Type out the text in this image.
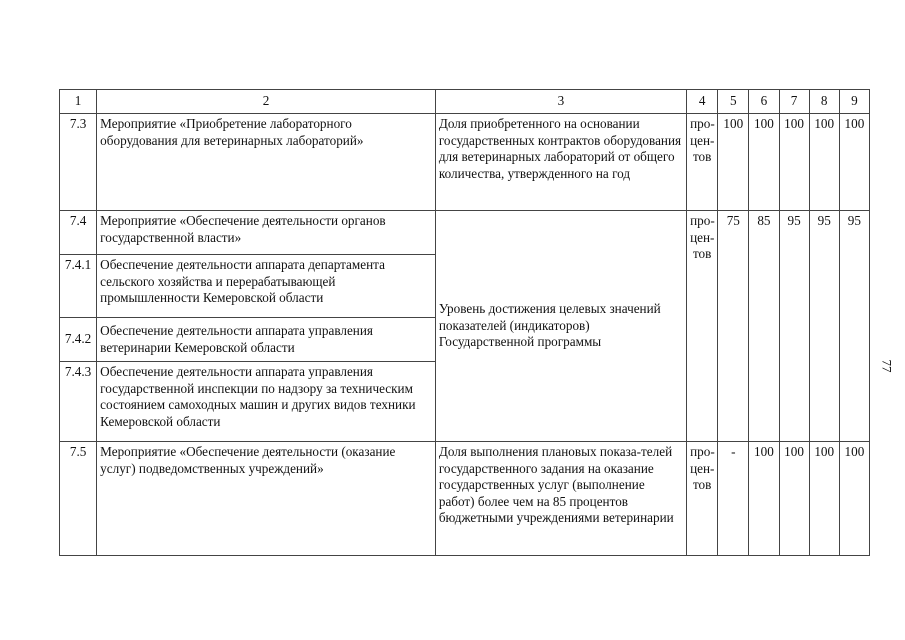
1	2	3	4	5	6	7	8	9
7.3	Мероприятие «Приобретение лабораторного оборудования для ветеринарных лабораторий»	Доля приобретенного на основании государственных контрактов оборудования для ветеринарных лабораторий от общего количества, утвержденного на год	про-
цен-
тов	100	100	100	100	100
7.4	Мероприятие «Обеспечение деятельности органов государственной власти»	Уровень достижения целевых значений показателей (индикаторов) Государственной программы	про-
цен-
тов	75	85	95	95	95
7.4.1	Обеспечение деятельности аппарата департамента сельского хозяйства и перерабатывающей промышленности Кемеровской области							
7.4.2	Обеспечение деятельности аппарата управления ветеринарии Кемеровской области							
7.4.3	Обеспечение деятельности аппарата управления государственной инспекции по надзору за техническим состоянием самоходных машин и других видов техники Кемеровской области							
7.5	Мероприятие «Обеспечение деятельности (оказание услуг) подведомственных учреждений»	Доля выполнения плановых показа-телей государственного задания на оказание государственных услуг (выполнение работ) более чем на 85 процентов бюджетными учреждениями ветеринарии	про-
цен-
тов	-	100	100	100	100
77
